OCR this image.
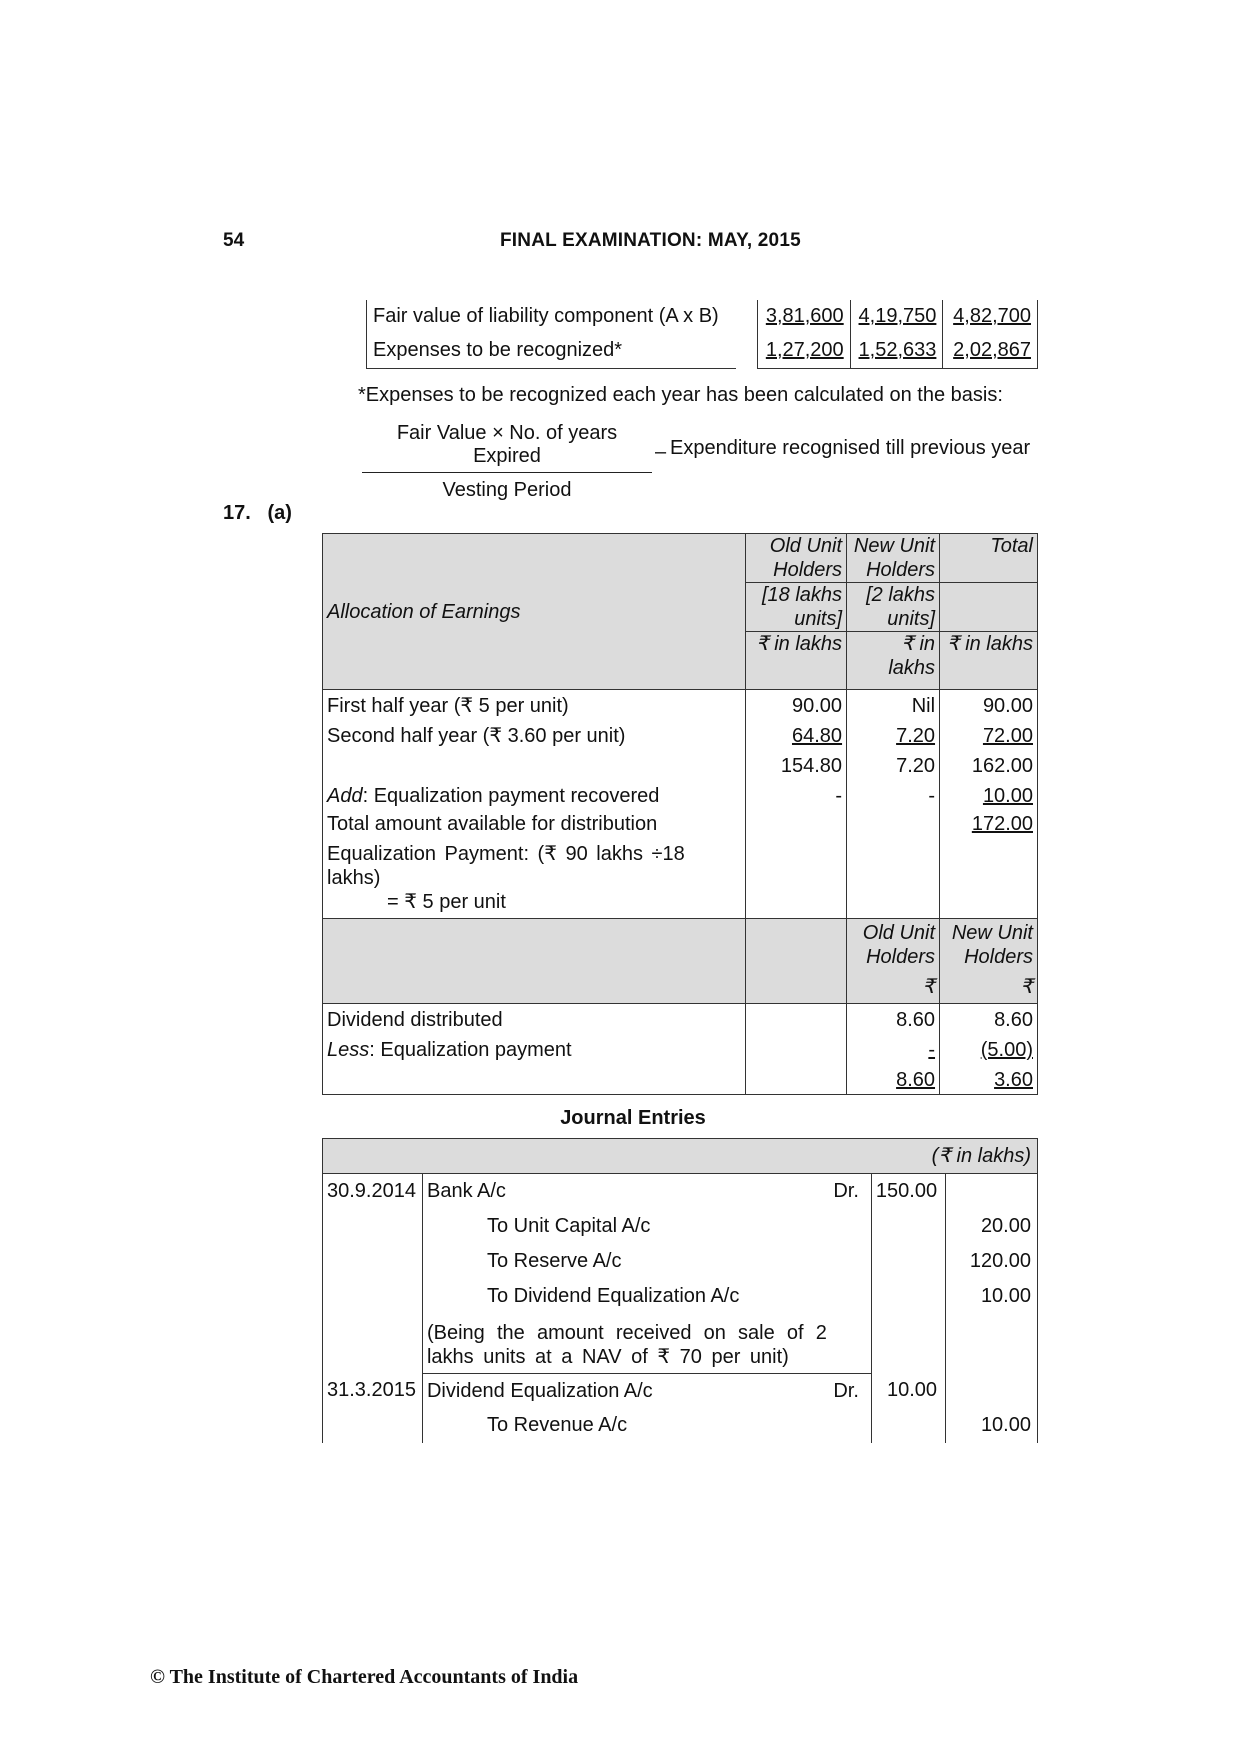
54	FINAL EXAMINATION: MAY, 2015
Fair value of liability component (A x B)		3,81,600	4,19,750	4,82,700
Expenses to be recognized*		1,27,200	1,52,633	2,02,867
*Expenses to be recognized each year has been calculated on the basis:
Fair Value × No. of years Expired
Vesting Period
– Expenditure recognised till previous year
17. (a)
Allocation of Earnings	Old Unit Holders	New Unit Holders	Total
	[18 lakhs units]	[2 lakhs units]	
	₹ in lakhs	₹ in lakhs	₹ in lakhs
First half year (₹ 5 per unit)	90.00	Nil	90.00
Second half year (₹ 3.60 per unit)	64.80	7.20	72.00
	154.80	7.20	162.00
Add: Equalization payment recovered	-	-	10.00
Total amount available for distribution			172.00

Equalization Payment: (₹ 90 lakhs ÷18 lakhs)
= ₹ 5 per unit			

		Old Unit Holders	New Unit Holders
		₹	₹
Dividend distributed		8.60	8.60
Less: Equalization payment		-	(5.00)
		8.60	3.60
Journal Entries
(₹ in lakhs)			
30.9.2014	Bank A/c Dr.	150.00	

	To Unit Capital A/c		20.00

	To Reserve A/c		120.00

	To Dividend Equalization A/c		10.00

	(Being the amount received on sale of 2 lakhs units at a NAV of ₹ 70 per unit)		

31.3.2015	Dividend Equalization A/c Dr.	10.00	

	To Revenue A/c		10.00
© The Institute of Chartered Accountants of India
